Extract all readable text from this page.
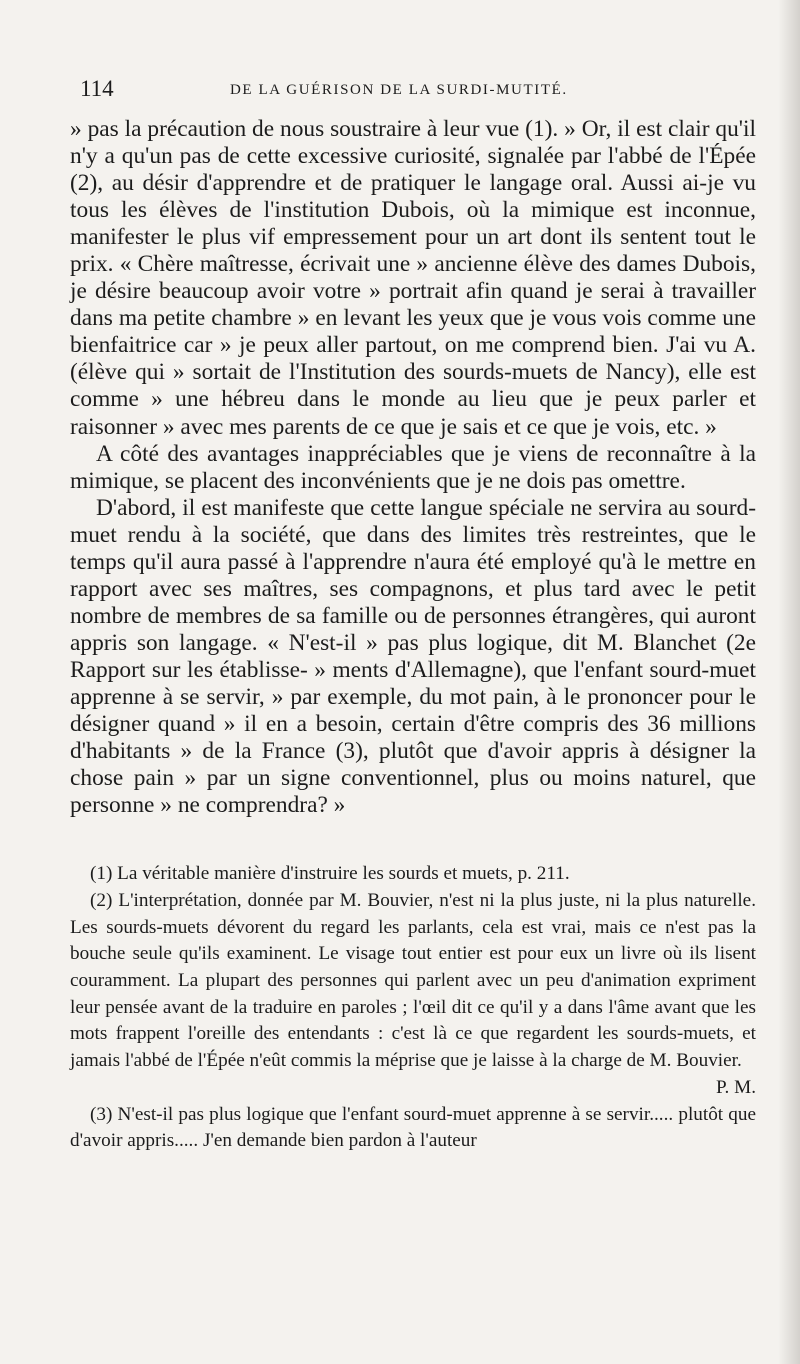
114	DE LA GUÉRISON DE LA SURDI-MUTITÉ.

» pas la précaution de nous soustraire à leur vue (1). » Or, il est clair qu'il n'y a qu'un pas de cette excessive curiosité, signalée par l'abbé de l'Épée (2), au désir d'apprendre et de pratiquer le langage oral. Aussi ai-je vu tous les élèves de l'institution Dubois, où la mimique est inconnue, manifester le plus vif empressement pour un art dont ils sentent tout le prix. « Chère maîtresse, écrivait une » ancienne élève des dames Dubois, je désire beaucoup avoir votre » portrait afin quand je serai à travailler dans ma petite chambre » en levant les yeux que je vous vois comme une bienfaitrice car » je peux aller partout, on me comprend bien. J'ai vu A. (élève qui » sortait de l'Institution des sourds-muets de Nancy), elle est comme » une hébreu dans le monde au lieu que je peux parler et raisonner » avec mes parents de ce que je sais et ce que je vois, etc. »

A côté des avantages inappréciables que je viens de reconnaître à la mimique, se placent des inconvénients que je ne dois pas omettre.

D'abord, il est manifeste que cette langue spéciale ne servira au sourd-muet rendu à la société, que dans des limites très restreintes, que le temps qu'il aura passé à l'apprendre n'aura été employé qu'à le mettre en rapport avec ses maîtres, ses compagnons, et plus tard avec le petit nombre de membres de sa famille ou de personnes étrangères, qui auront appris son langage. « N'est-il » pas plus logique, dit M. Blanchet (2e Rapport sur les établisse- » ments d'Allemagne), que l'enfant sourd-muet apprenne à se servir, » par exemple, du mot pain, à le prononcer pour le désigner quand » il en a besoin, certain d'être compris des 36 millions d'habitants » de la France (3), plutôt que d'avoir appris à désigner la chose pain » par un signe conventionnel, plus ou moins naturel, que personne » ne comprendra? »

(1) La véritable manière d'instruire les sourds et muets, p. 211.

(2) L'interprétation, donnée par M. Bouvier, n'est ni la plus juste, ni la plus naturelle. Les sourds-muets dévorent du regard les parlants, cela est vrai, mais ce n'est pas la bouche seule qu'ils examinent. Le visage tout entier est pour eux un livre où ils lisent couramment. La plupart des personnes qui parlent avec un peu d'animation expriment leur pensée avant de la traduire en paroles ; l'œil dit ce qu'il y a dans l'âme avant que les mots frappent l'oreille des entendants : c'est là ce que regardent les sourds-muets, et jamais l'abbé de l'Épée n'eût commis la méprise que je laisse à la charge de M. Bouvier.
P. M.

(3) N'est-il pas plus logique que l'enfant sourd-muet apprenne à se servir..... plutôt que d'avoir appris..... J'en demande bien pardon à l'auteur
